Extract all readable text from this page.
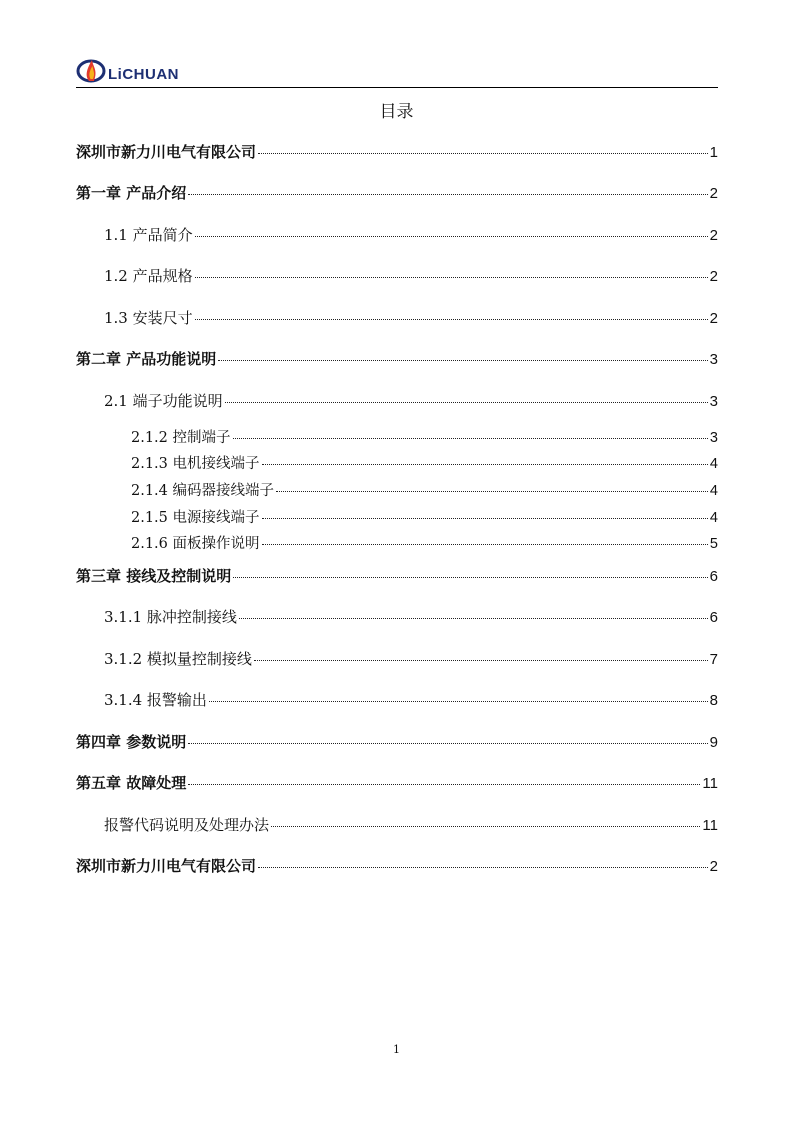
LiCHUAN
目录
深圳市新力川电气有限公司	1
第一章 产品介绍	2
1.1 产品简介	2
1.2 产品规格	2
1.3 安装尺寸	2
第二章 产品功能说明	3
2.1 端子功能说明	3
2.1.2 控制端子	3
2.1.3 电机接线端子	4
2.1.4 编码器接线端子	4
2.1.5 电源接线端子	4
2.1.6 面板操作说明	5
第三章 接线及控制说明	6
3.1.1 脉冲控制接线	6
3.1.2 模拟量控制接线	7
3.1.4 报警输出	8
第四章 参数说明	9
第五章 故障处理	11
报警代码说明及处理办法	11
深圳市新力川电气有限公司	2
1
